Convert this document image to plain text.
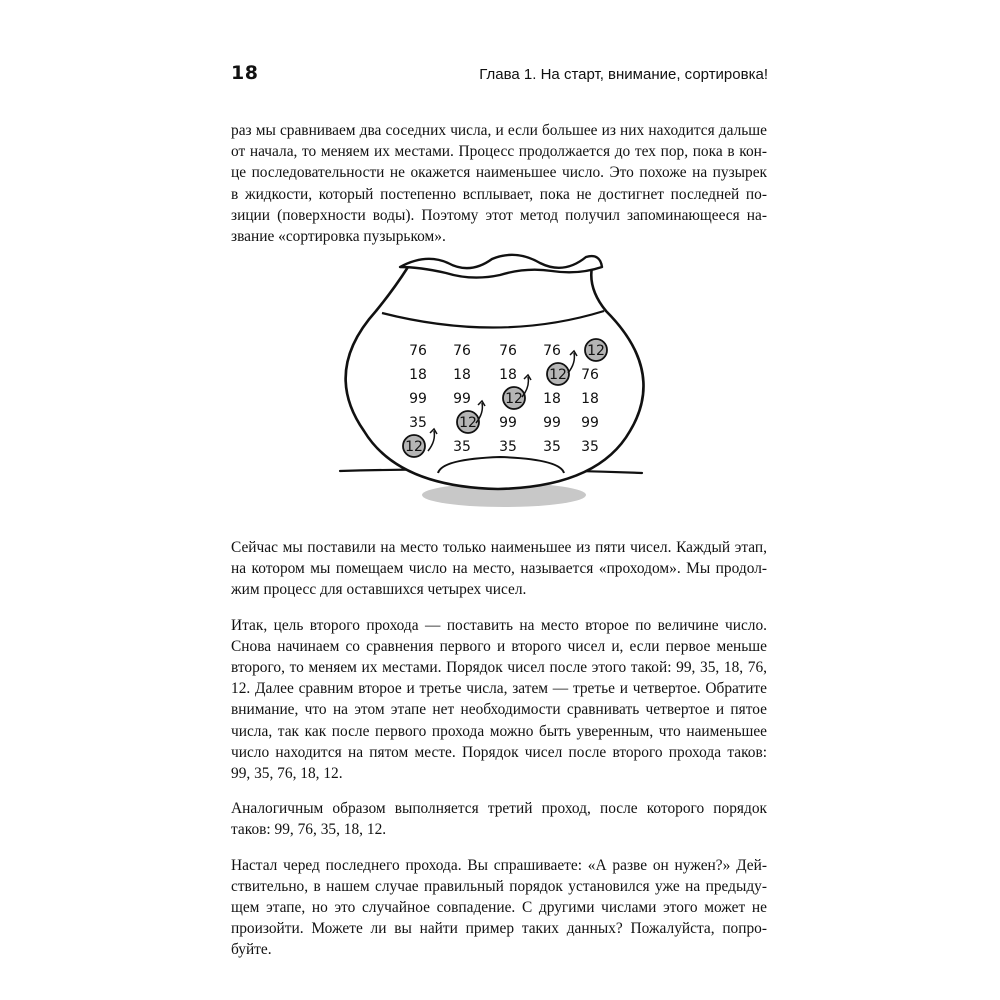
18	Глава 1. На старт, внимание, сортировка!

раз мы сравниваем два соседних числа, и если большее из них находится дальше
от начала, то меняем их местами. Процесс продолжается до тех пор, пока в кон-
це последовательности не окажется наименьшее число. Это похоже на пузырек
в жидкости, который постепенно всплывает, пока не достигнет последней по-
зиции (поверхности воды). Поэтому этот метод получил запоминающееся на-
звание «сортировка пузырьком».

76
18
99
35
12
76
18
99
12
35
76
18
12
99
35
76
12
18
99
35
12
76
18
99
35

Сейчас мы поставили на место только наименьшее из пяти чисел. Каждый этап,
на котором мы помещаем число на место, называется «проходом». Мы продол-
жим процесс для оставшихся четырех чисел.

Итак, цель второго прохода — поставить на место второе по величине число.
Снова начинаем со сравнения первого и второго чисел и, если первое меньше
второго, то меняем их местами. Порядок чисел после этого такой: 99, 35, 18, 76,
12. Далее сравним второе и третье числа, затем — третье и четвертое. Обратите
внимание, что на этом этапе нет необходимости сравнивать четвертое и пятое
числа, так как после первого прохода можно быть уверенным, что наименьшее
число находится на пятом месте. Порядок чисел после второго прохода таков:
99, 35, 76, 18, 12.

Аналогичным образом выполняется третий проход, после которого порядок
таков: 99, 76, 35, 18, 12.

Настал черед последнего прохода. Вы спрашиваете: «А разве он нужен?» Дей-
ствительно, в нашем случае правильный порядок установился уже на предыду-
щем этапе, но это случайное совпадение. С другими числами этого может не
произойти. Можете ли вы найти пример таких данных? Пожалуйста, попро-
буйте.
